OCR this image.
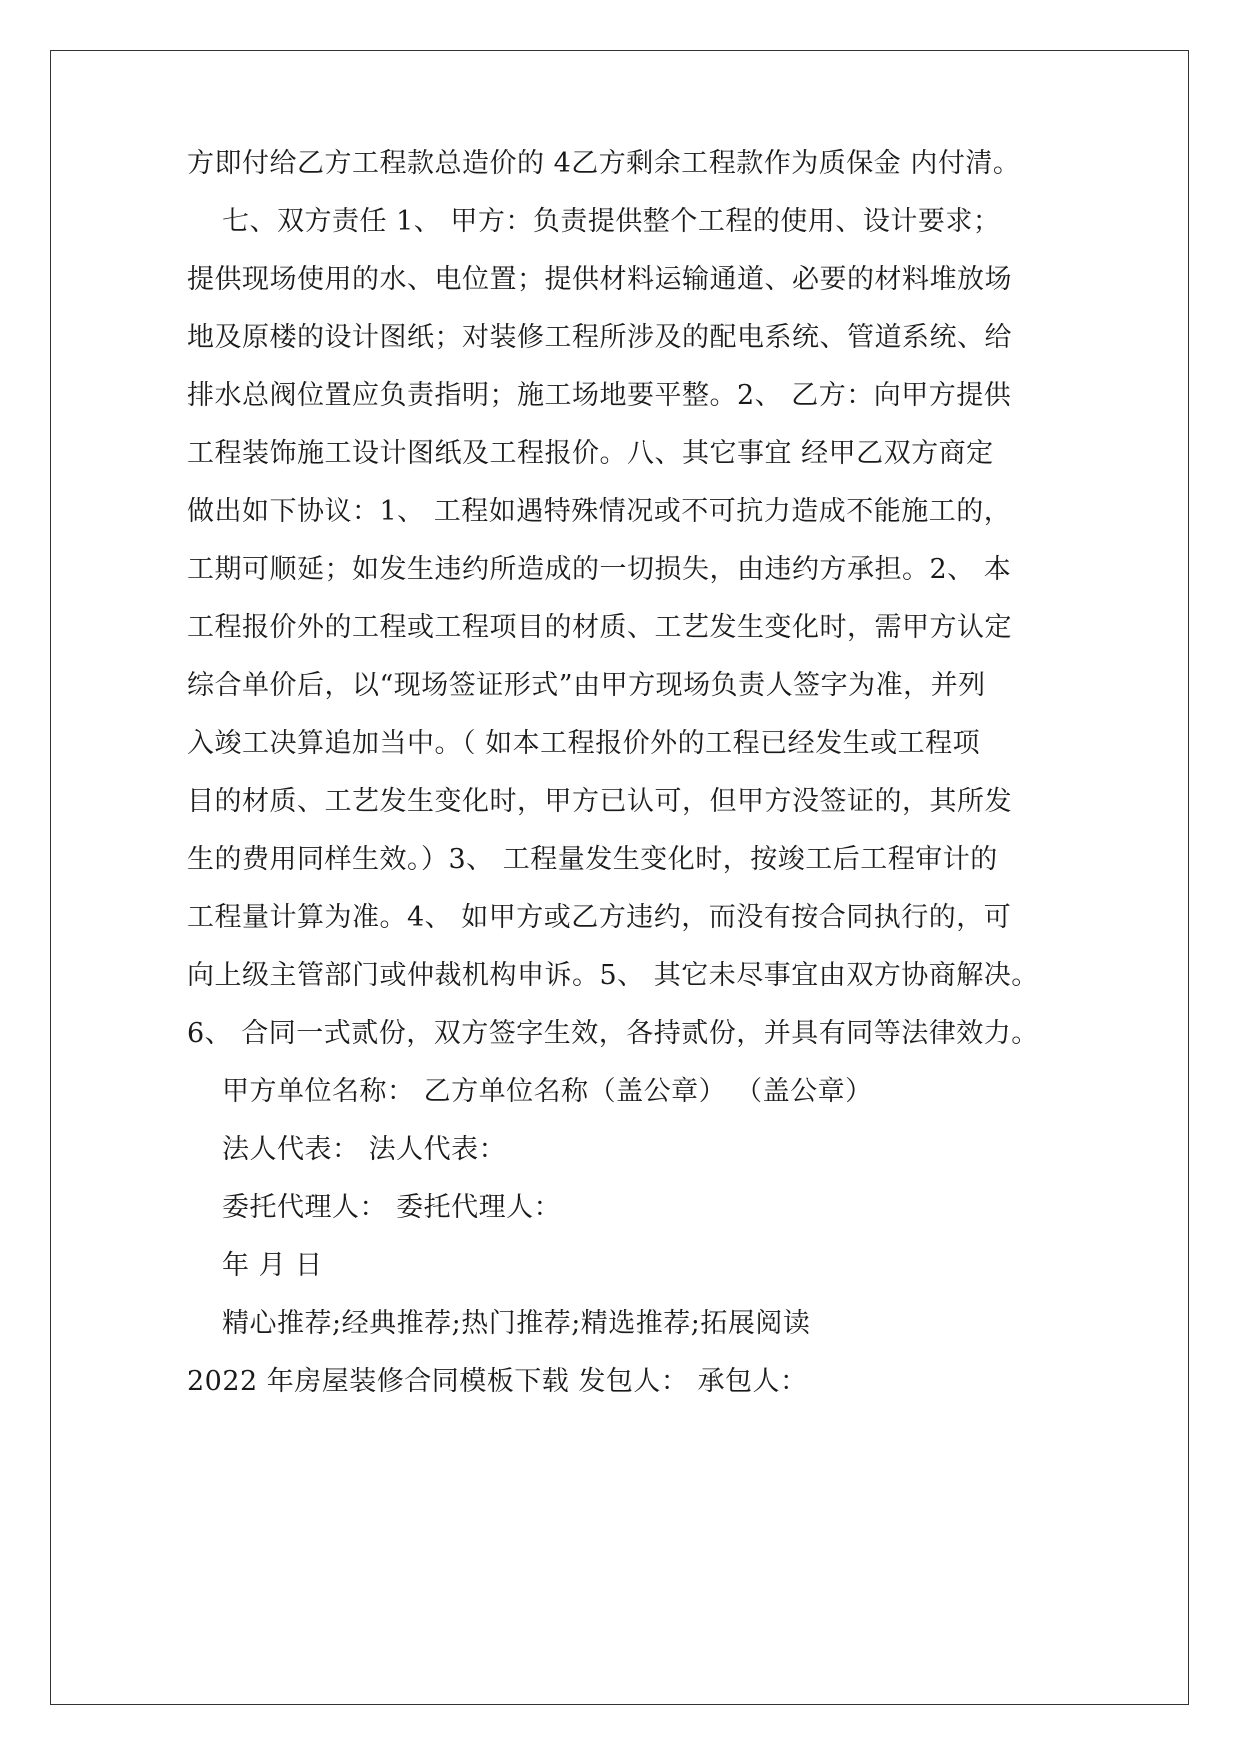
方即付给乙方工程款总造价的 4乙方剩余工程款作为质保金 内付清。
七、双方责任 1、 甲方：负责提供整个工程的使用、设计要求；
提供现场使用的水、电位置；提供材料运输通道、必要的材料堆放场
地及原楼的设计图纸；对装修工程所涉及的配电系统、管道系统、给
排水总阀位置应负责指明；施工场地要平整。2、 乙方：向甲方提供
工程装饰施工设计图纸及工程报价。八、其它事宜 经甲乙双方商定
做出如下协议：1、 工程如遇特殊情况或不可抗力造成不能施工的，
工期可顺延；如发生违约所造成的一切损失，由违约方承担。2、 本
工程报价外的工程或工程项目的材质、工艺发生变化时，需甲方认定
综合单价后，以“现场签证形式”由甲方现场负责人签字为准，并列
入竣工决算追加当中。（ 如本工程报价外的工程已经发生或工程项
目的材质、工艺发生变化时，甲方已认可，但甲方没签证的，其所发
生的费用同样生效。）3、 工程量发生变化时，按竣工后工程审计的
工程量计算为准。4、 如甲方或乙方违约，而没有按合同执行的，可
向上级主管部门或仲裁机构申诉。5、 其它未尽事宜由双方协商解决。
6、 合同一式贰份，双方签字生效，各持贰份，并具有同等法律效力。
甲方单位名称： 乙方单位名称（盖公章） （盖公章）
法人代表： 法人代表：
委托代理人： 委托代理人：
年 月 日
精心推荐;经典推荐;热门推荐;精选推荐;拓展阅读
2022 年房屋装修合同模板下载 发包人： 承包人：
